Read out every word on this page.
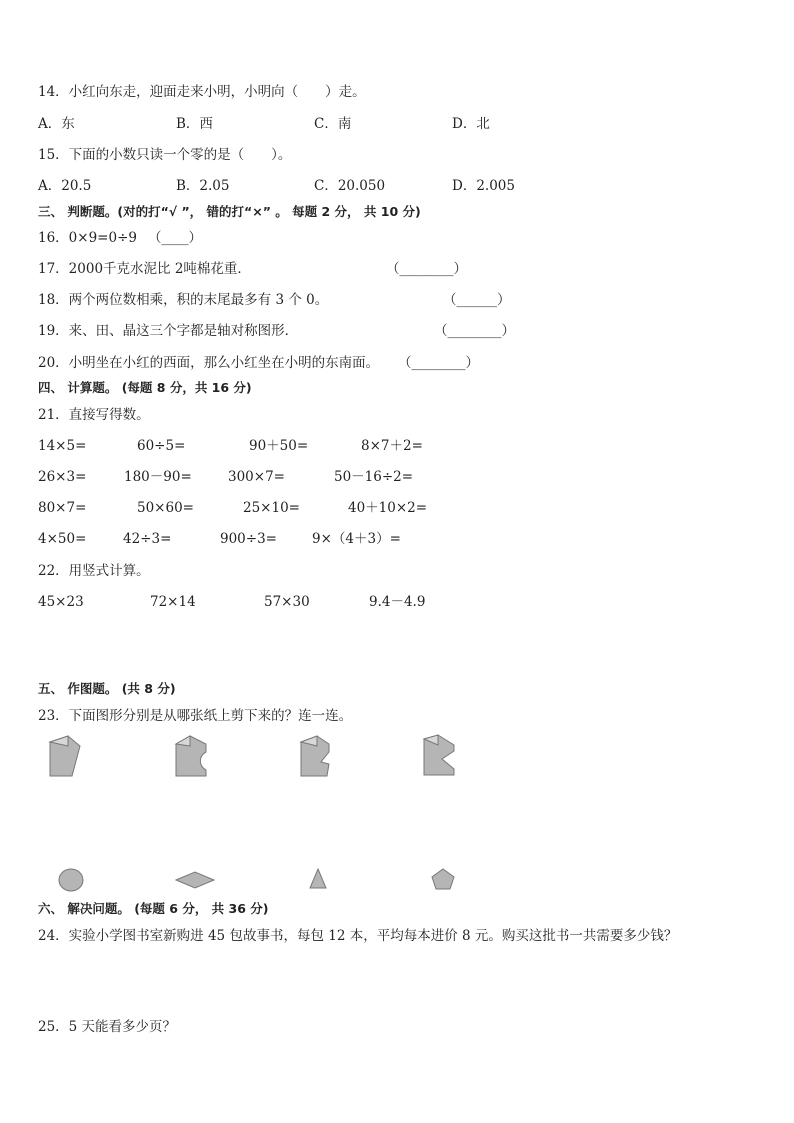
14．小红向东走，迎面走来小明，小明向（　　）走。
A．东	B．西	C．南	D．北
15．下面的小数只读一个零的是（　　）。
A．20.5	B．2.05	C．20.050	D．2.005
三、 判断题。(对的打“√ ”， 错的打“×” 。 每题 2 分， 共 10 分)
16．0×9=0÷9 （____）
17．2000千克水泥比 2吨棉花重．	（________）
18．两个两位数相乘，积的末尾最多有 3 个 0。	（______）
19．来、田、晶这三个字都是轴对称图形．	（________）
20．小明坐在小红的西面，那么小红坐在小明的东南面。 （________）
四、 计算题。 (每题 8 分，共 16 分)
21．直接写得数。
14×5=	60÷5=	90＋50=	8×7＋2=
26×3=	180－90=	300×7=	50－16÷2=
80×7=	50×60=	25×10=	40＋10×2=
4×50=	42÷3=	900÷3=	9×（4＋3）=
22．用竖式计算。
45×23	72×14	57×30	9.4－4.9
五、 作图题。 (共 8 分)
23．下面图形分别是从哪张纸上剪下来的？连一连。
六、 解决问题。 (每题 6 分， 共 36 分)
24．实验小学图书室新购进 45 包故事书，每包 12 本，平均每本进价 8 元。购买这批书一共需要多少钱？
25．5 天能看多少页？
